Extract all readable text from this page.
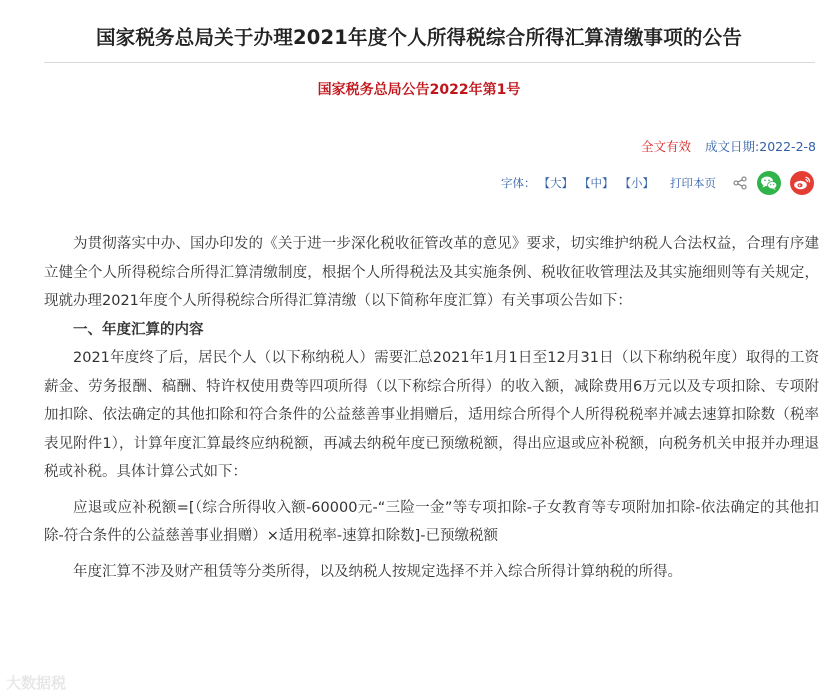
国家税务总局关于办理2021年度个人所得税综合所得汇算清缴事项的公告
国家税务总局公告2022年第1号
全文有效 成文日期:2022-2-8
字体： 【大】 【中】 【小】 打印本页

为贯彻落实中办、国办印发的《关于进一步深化税收征管改革的意见》要求，切实维护纳税人合法权益，合理有序建立健全个人所得税综合所得汇算清缴制度，根据个人所得税法及其实施条例、税收征收管理法及其实施细则等有关规定，现就办理2021年度个人所得税综合所得汇算清缴（以下简称年度汇算）有关事项公告如下：

一、年度汇算的内容

2021年度终了后，居民个人（以下称纳税人）需要汇总2021年1月1日至12月31日（以下称纳税年度）取得的工资薪金、劳务报酬、稿酬、特许权使用费等四项所得（以下称综合所得）的收入额，减除费用6万元以及专项扣除、专项附加扣除、依法确定的其他扣除和符合条件的公益慈善事业捐赠后，适用综合所得个人所得税税率并减去速算扣除数（税率表见附件1），计算年度汇算最终应纳税额，再减去纳税年度已预缴税额，得出应退或应补税额，向税务机关申报并办理退税或补税。具体计算公式如下：

应退或应补税额=[（综合所得收入额-60000元-“三险一金”等专项扣除-子女教育等专项附加扣除-依法确定的其他扣除-符合条件的公益慈善事业捐赠）×适用税率-速算扣除数]-已预缴税额

年度汇算不涉及财产租赁等分类所得，以及纳税人按规定选择不并入综合所得计算纳税的所得。

大数据税
